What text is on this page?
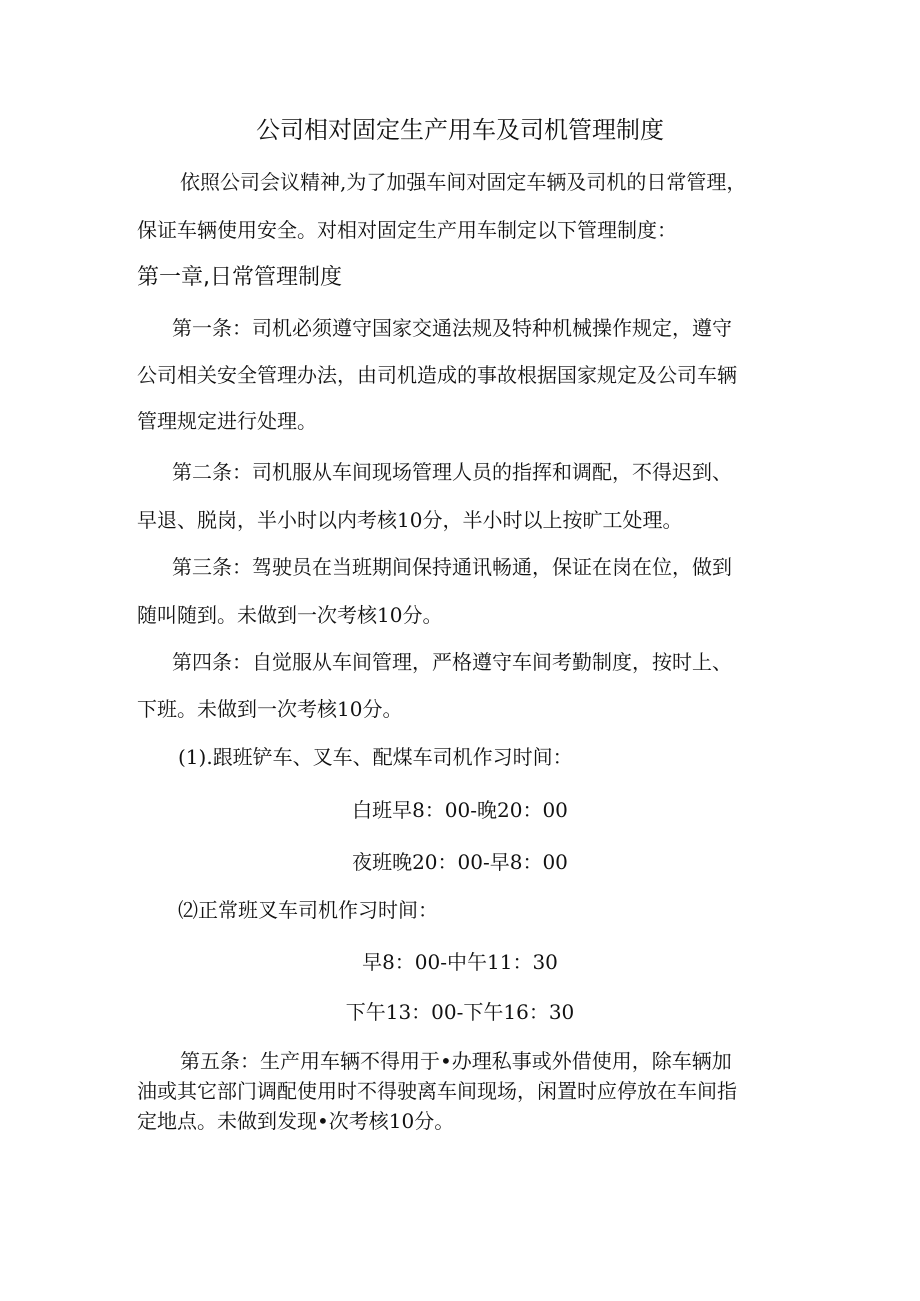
公司相对固定生产用车及司机管理制度
依照公司会议精神,为了加强车间对固定车辆及司机的日常管理，
保证车辆使用安全。对相对固定生产用车制定以下管理制度：
第一章,日常管理制度
第一条：司机必须遵守国家交通法规及特种机械操作规定，遵守
公司相关安全管理办法，由司机造成的事故根据国家规定及公司车辆
管理规定进行处理。
第二条：司机服从车间现场管理人员的指挥和调配，不得迟到、
早退、脱岗，半小时以内考核10分，半小时以上按旷工处理。
第三条：驾驶员在当班期间保持通讯畅通，保证在岗在位，做到
随叫随到。未做到一次考核10分。
第四条：自觉服从车间管理，严格遵守车间考勤制度，按时上、
下班。未做到一次考核10分。
(1).跟班铲车、叉车、配煤车司机作习时间：
白班早8：00-晚20：00
夜班晚20：00-早8：00
⑵正常班叉车司机作习时间：
早8：00-中午11：30
下午13：00-下午16：30
第五条：生产用车辆不得用于•办理私事或外借使用，除车辆加
油或其它部门调配使用时不得驶离车间现场，闲置时应停放在车间指
定地点。未做到发现•次考核10分。
